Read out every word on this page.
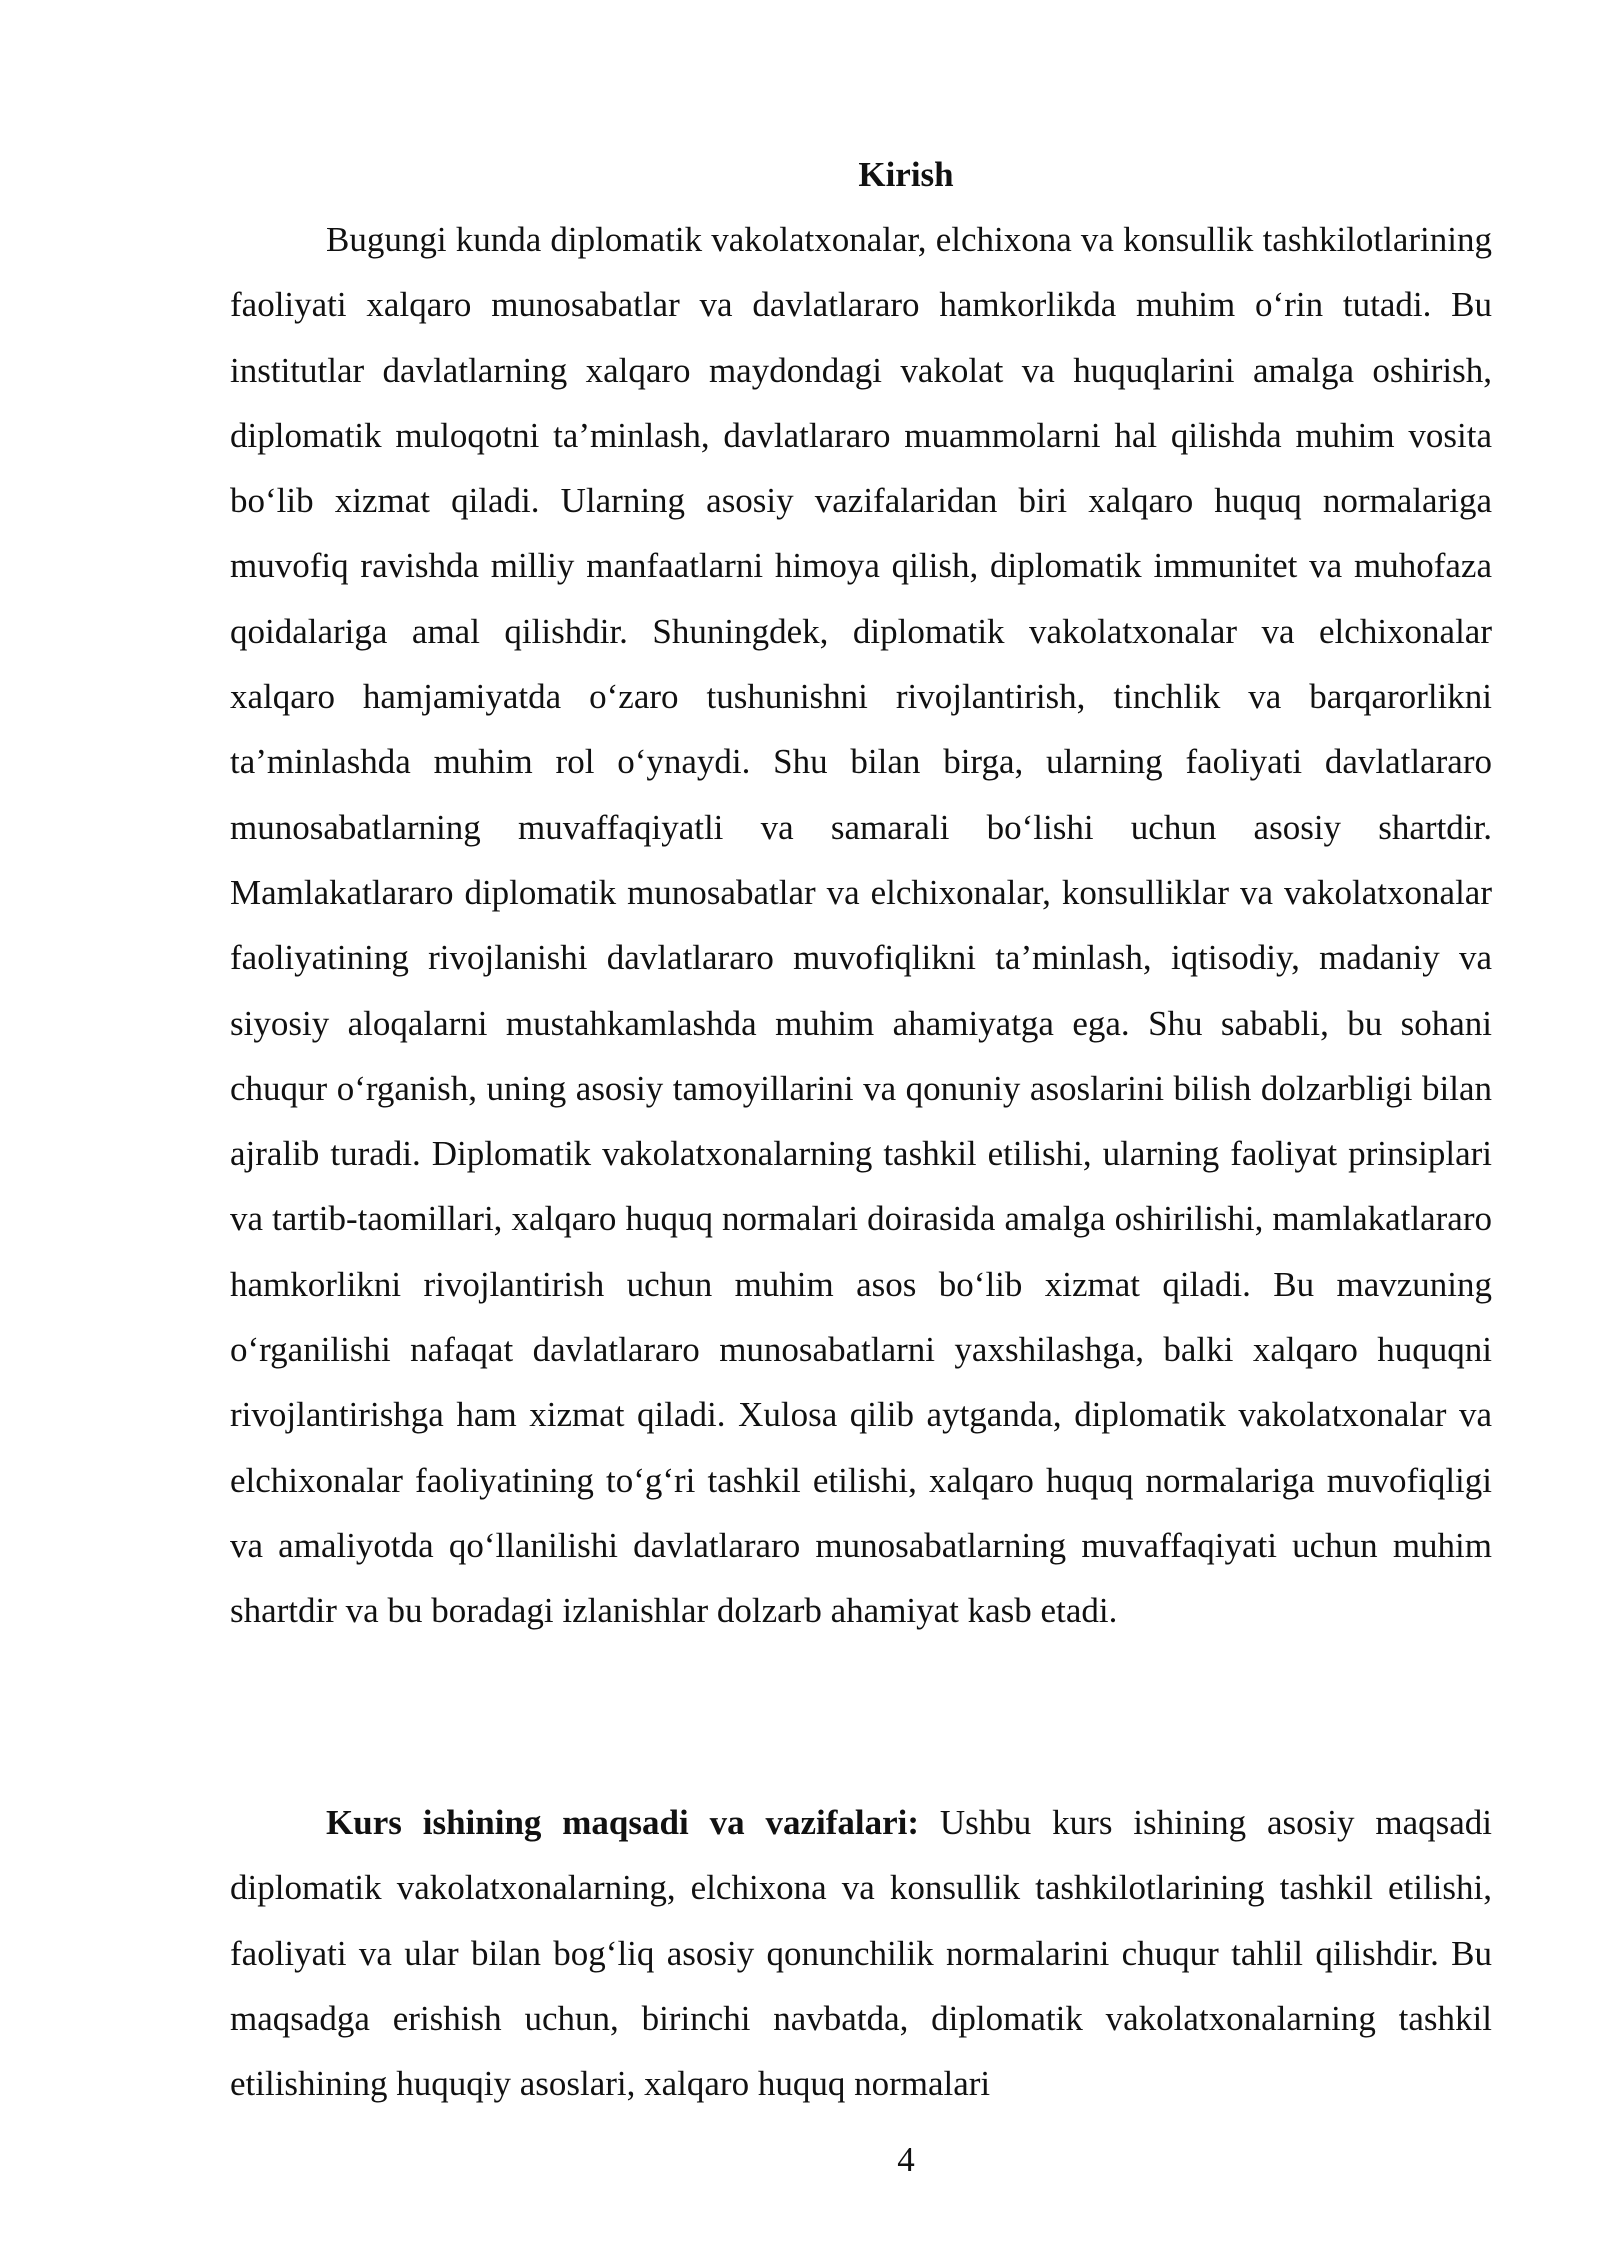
Kirish

Bugungi kunda diplomatik vakolatxonalar, elchixona va konsullik tashkilotlarining faoliyati xalqaro munosabatlar va davlatlararo hamkorlikda muhim o‘rin tutadi. Bu institutlar davlatlarning xalqaro maydondagi vakolat va huquqlarini amalga oshirish, diplomatik muloqotni ta’minlash, davlatlararo muammolarni hal qilishda muhim vosita bo‘lib xizmat qiladi. Ularning asosiy vazifalaridan biri xalqaro huquq normalariga muvofiq ravishda milliy manfaatlarni himoya qilish, diplomatik immunitet va muhofaza qoidalariga amal qilishdir. Shuningdek, diplomatik vakolatxonalar va elchixonalar xalqaro hamjamiyatda o‘zaro tushunishni rivojlantirish, tinchlik va barqarorlikni ta’minlashda muhim rol o‘ynaydi. Shu bilan birga, ularning faoliyati davlatlararo munosabatlarning muvaffaqiyatli va samarali bo‘lishi uchun asosiy shartdir. Mamlakatlararo diplomatik munosabatlar va elchixonalar, konsulliklar va vakolatxonalar faoliyatining rivojlanishi davlatlararo muvofiqlikni ta’minlash, iqtisodiy, madaniy va siyosiy aloqalarni mustahkamlashda muhim ahamiyatga ega. Shu sababli, bu sohani chuqur o‘rganish, uning asosiy tamoyillarini va qonuniy asoslarini bilish dolzarbligi bilan ajralib turadi. Diplomatik vakolatxonalarning tashkil etilishi, ularning faoliyat prinsiplari va tartib-taomillari, xalqaro huquq normalari doirasida amalga oshirilishi, mamlakatlararo hamkorlikni rivojlantirish uchun muhim asos bo‘lib xizmat qiladi. Bu mavzuning o‘rganilishi nafaqat davlatlararo munosabatlarni yaxshilashga, balki xalqaro huquqni rivojlantirishga ham xizmat qiladi. Xulosa qilib aytganda, diplomatik vakolatxonalar va elchixonalar faoliyatining to‘g‘ri tashkil etilishi, xalqaro huquq normalariga muvofiqligi va amaliyotda qo‘llanilishi davlatlararo munosabatlarning muvaffaqiyati uchun muhim shartdir va bu boradagi izlanishlar dolzarb ahamiyat kasb etadi.

Kurs ishining maqsadi va vazifalari: Ushbu kurs ishining asosiy maqsadi diplomatik vakolatxonalarning, elchixona va konsullik tashkilotlarining tashkil etilishi, faoliyati va ular bilan bog‘liq asosiy qonunchilik normalarini chuqur tahlil qilishdir. Bu maqsadga erishish uchun, birinchi navbatda, diplomatik vakolatxonalarning tashkil etilishining huquqiy asoslari, xalqaro huquq normalari

4
